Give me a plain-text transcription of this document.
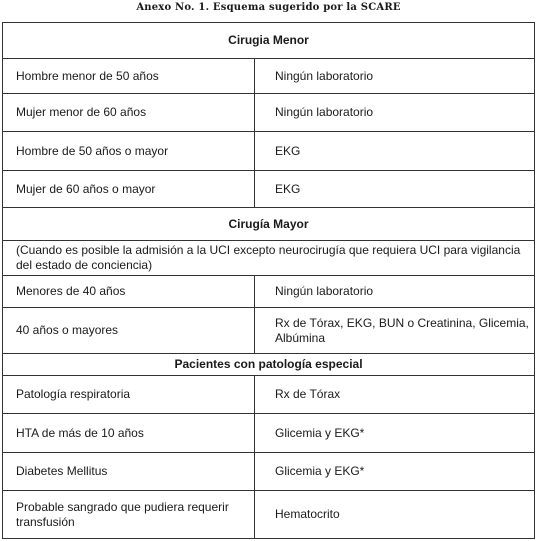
Anexo No. 1. Esquema sugerido por la SCARE
Cirugia Menor	
Hombre menor de 50 años	Ningún laboratorio
Mujer menor de 60 años	Ningún laboratorio
Hombre de 50 años o mayor	EKG
Mujer de 60 años o mayor	EKG
Cirugía Mayor	
(Cuando es posible la admisión a la UCI excepto neurocirugía que requiera UCI para vigilancia del estado de conciencia)	
Menores de 40 años	Ningún laboratorio
40 años o mayores	Rx de Tórax, EKG, BUN o Creatinina, Glicemia, Albúmina
Pacientes con patología especial	
Patología respiratoria	Rx de Tórax
HTA de más de 10 años	Glicemia y EKG*
Diabetes Mellitus	Glicemia y EKG*
Probable sangrado que pudiera requerir transfusión	Hematocrito
